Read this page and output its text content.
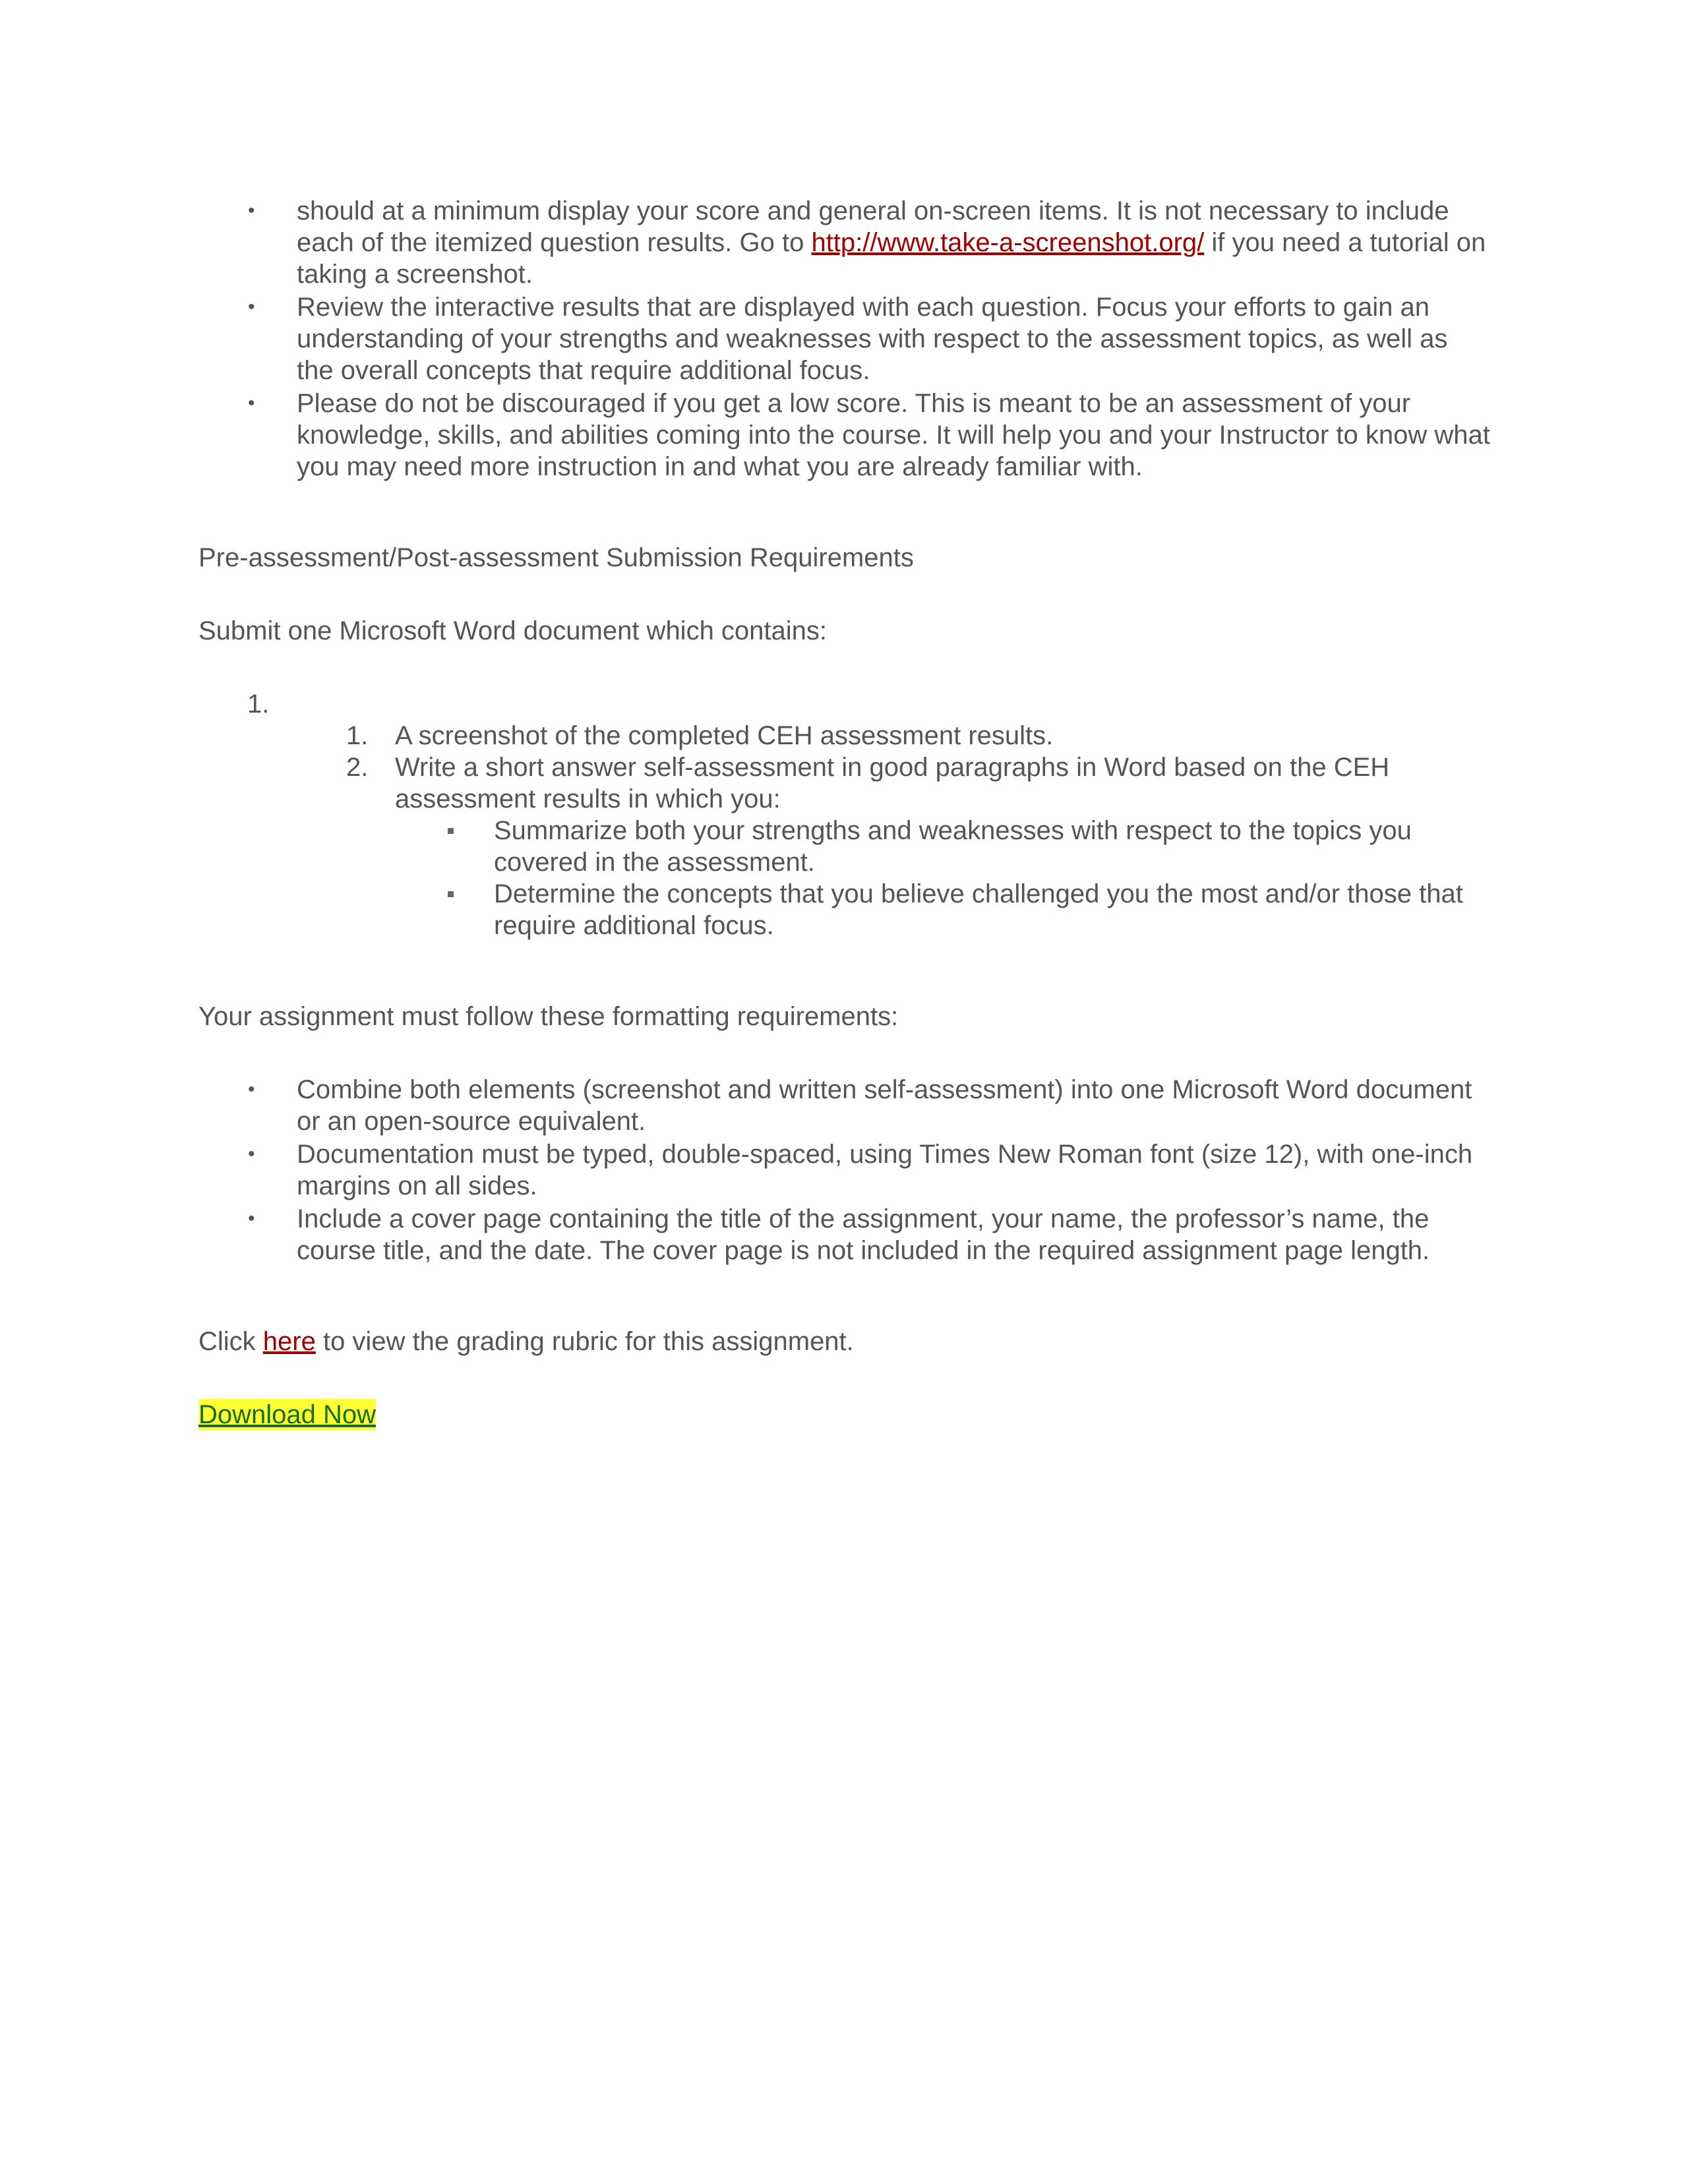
• should at a minimum display your score and general on-screen items. It is not necessary to include each of the itemized question results. Go to http://www.take-a-screenshot.org/ if you need a tutorial on taking a screenshot.
• Review the interactive results that are displayed with each question. Focus your efforts to gain an understanding of your strengths and weaknesses with respect to the assessment topics, as well as the overall concepts that require additional focus.
• Please do not be discouraged if you get a low score. This is meant to be an assessment of your knowledge, skills, and abilities coming into the course. It will help you and your Instructor to know what you may need more instruction in and what you are already familiar with.

Pre-assessment/Post-assessment Submission Requirements

Submit one Microsoft Word document which contains:

1.
1. A screenshot of the completed CEH assessment results.
2. Write a short answer self-assessment in good paragraphs in Word based on the CEH assessment results in which you:
Summarize both your strengths and weaknesses with respect to the topics you covered in the assessment.
Determine the concepts that you believe challenged you the most and/or those that require additional focus.

Your assignment must follow these formatting requirements:

• Combine both elements (screenshot and written self-assessment) into one Microsoft Word document or an open-source equivalent.
• Documentation must be typed, double-spaced, using Times New Roman font (size 12), with one-inch margins on all sides.
• Include a cover page containing the title of the assignment, your name, the professor’s name, the course title, and the date. The cover page is not included in the required assignment page length.

Click here to view the grading rubric for this assignment.

Download Now
